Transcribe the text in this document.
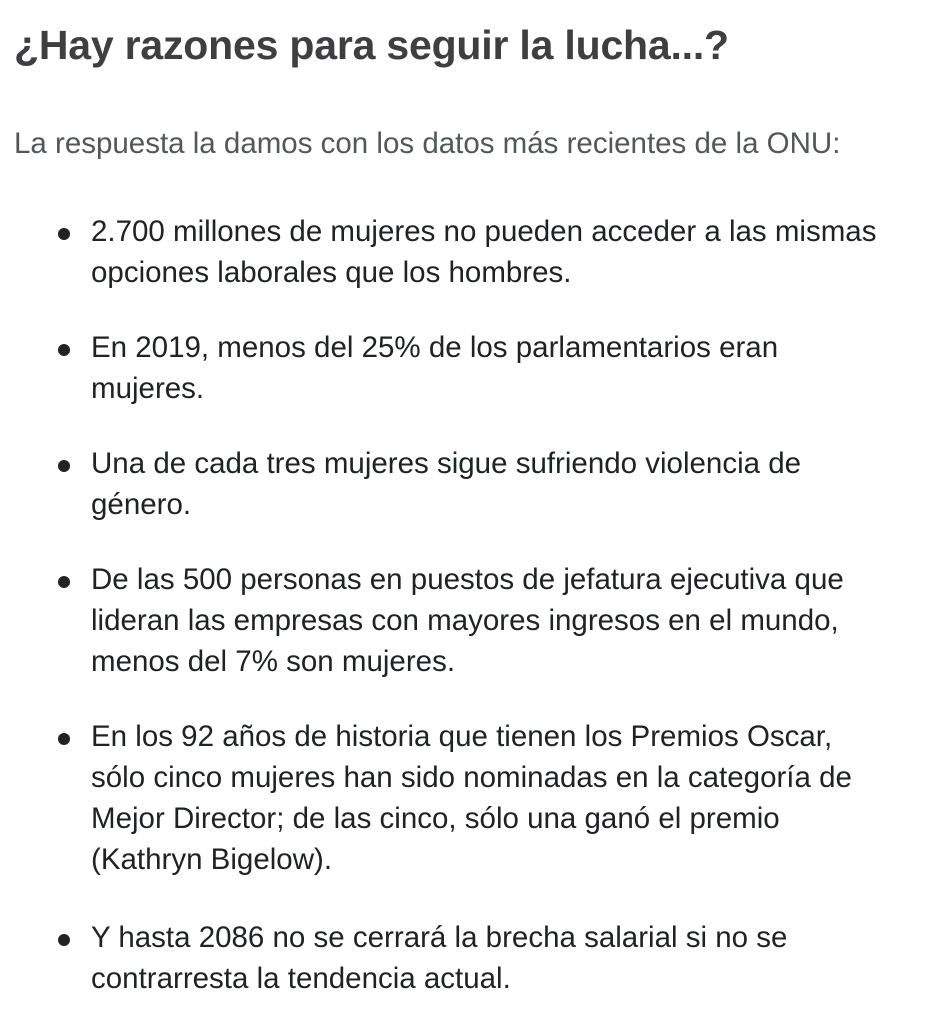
¿Hay razones para seguir la lucha...?

La respuesta la damos con los datos más recientes de la ONU:

2.700 millones de mujeres no pueden acceder a las mismas
opciones laborales que los hombres.
En 2019, menos del 25% de los parlamentarios eran
mujeres.
Una de cada tres mujeres sigue sufriendo violencia de
género.
De las 500 personas en puestos de jefatura ejecutiva que
lideran las empresas con mayores ingresos en el mundo,
menos del 7% son mujeres.
En los 92 años de historia que tienen los Premios Oscar,
sólo cinco mujeres han sido nominadas en la categoría de
Mejor Director; de las cinco, sólo una ganó el premio
(Kathryn Bigelow).
Y hasta 2086 no se cerrará la brecha salarial si no se
contrarresta la tendencia actual.
